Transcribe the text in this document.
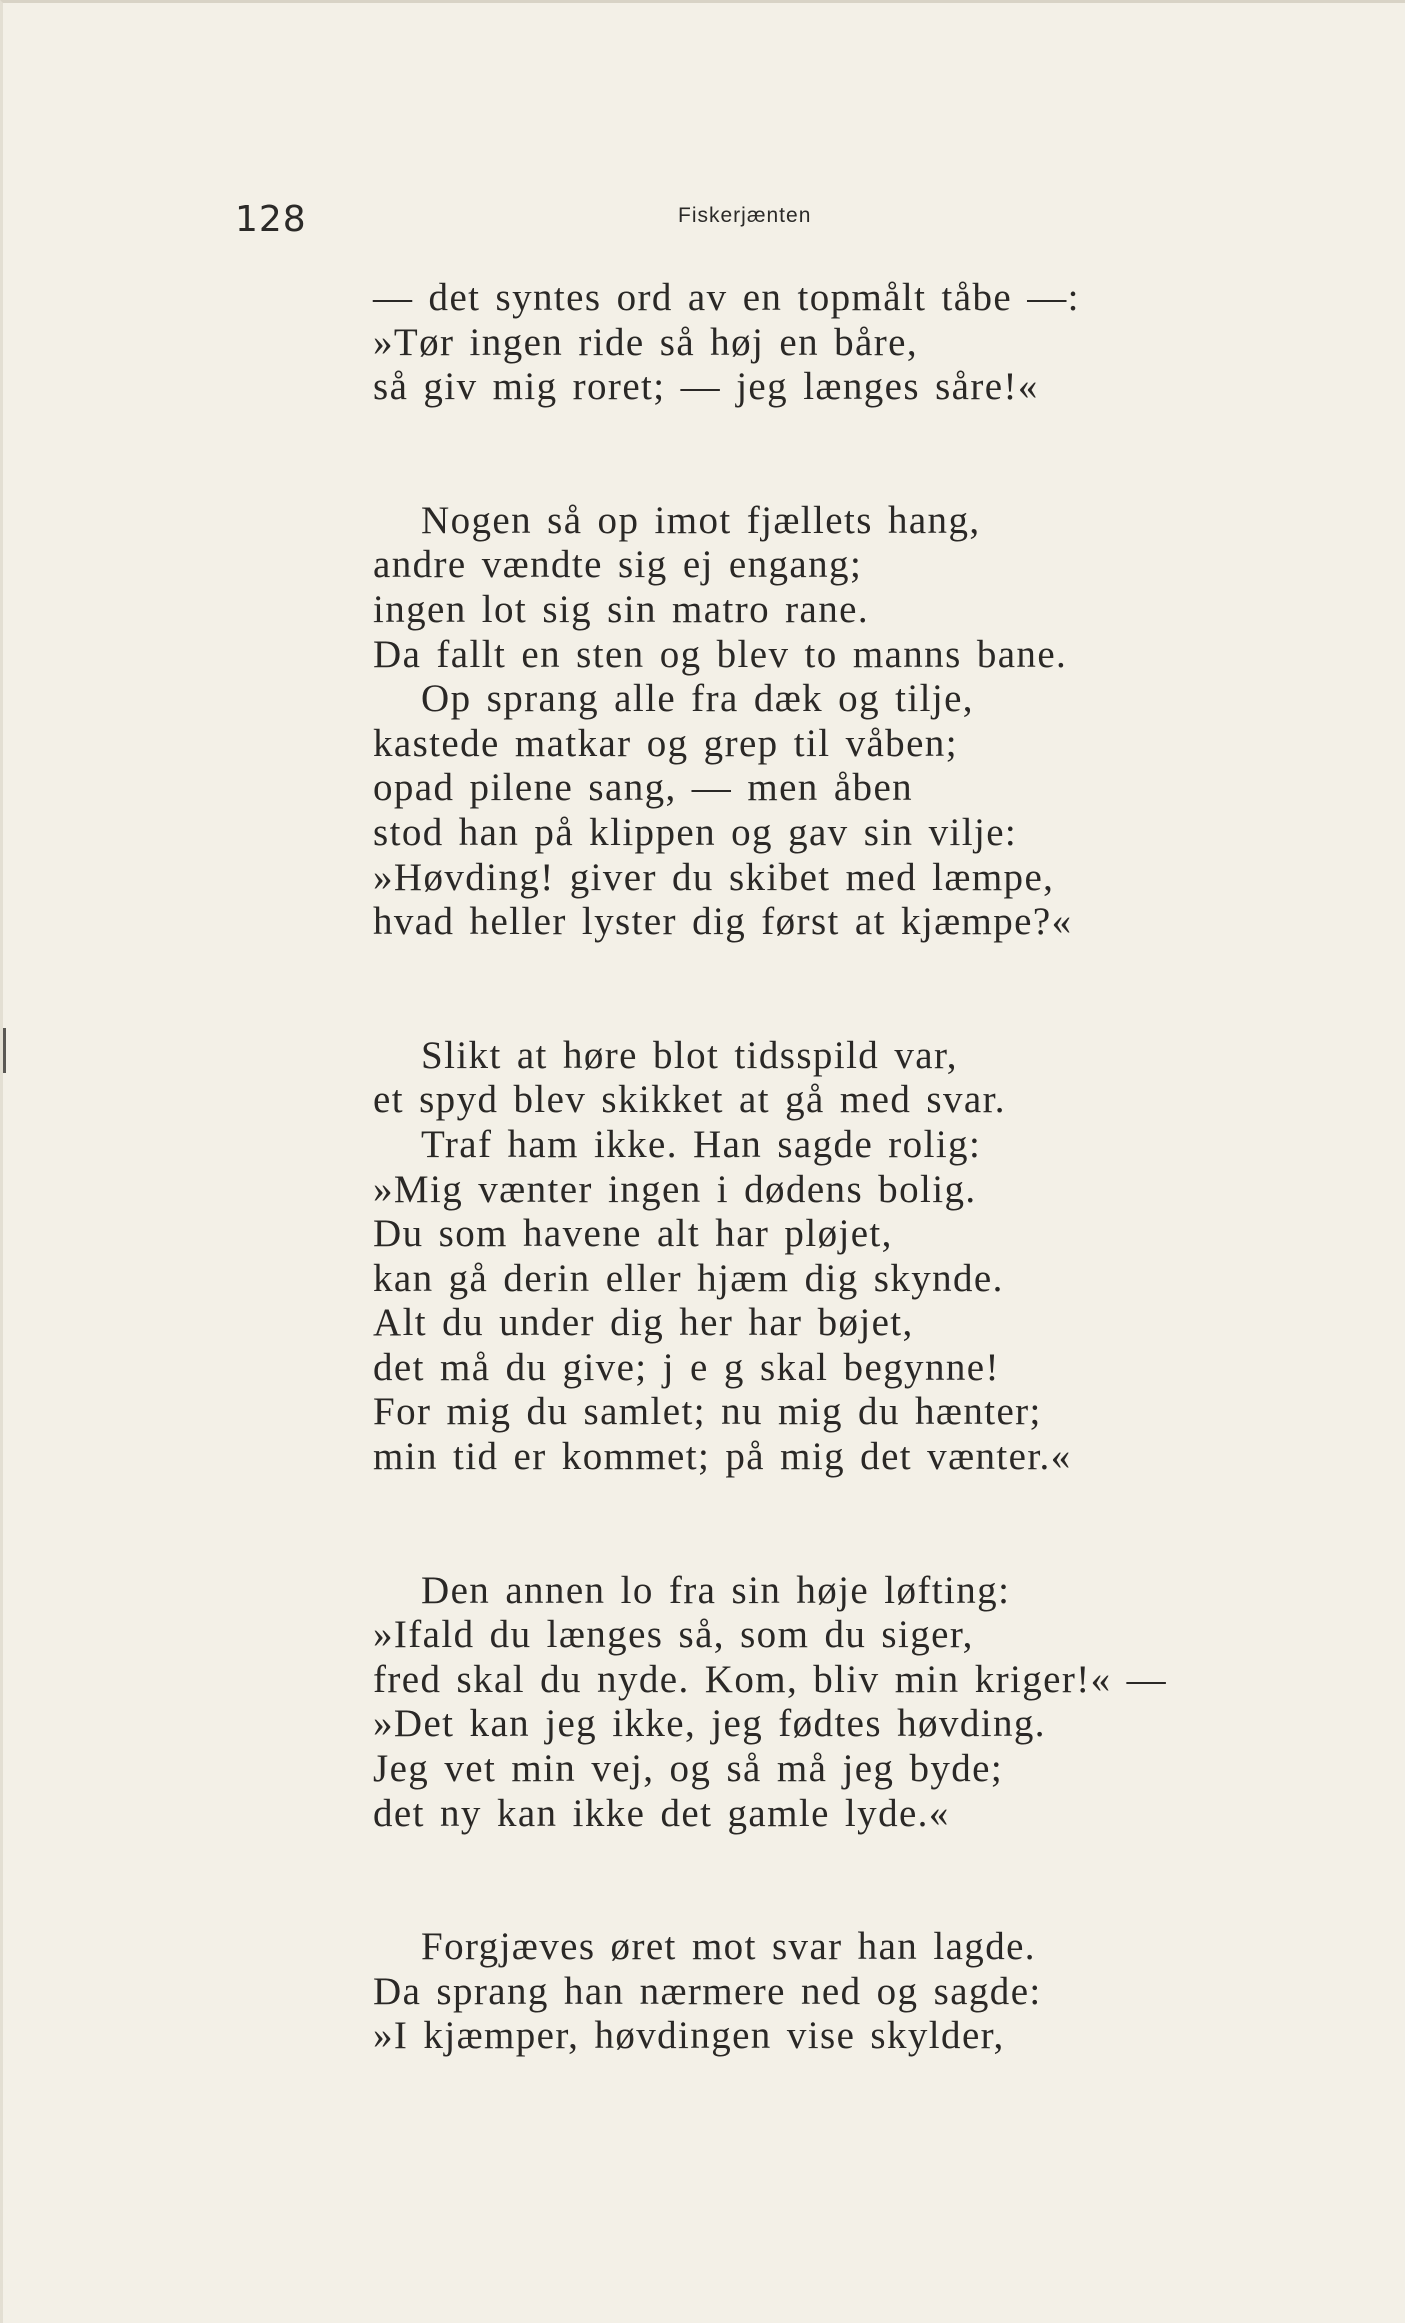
128	Fiskerjænten
— det syntes ord av en topmålt tåbe —:
»Tør ingen ride så høj en båre,
så giv mig roret; — jeg længes såre!«
Nogen så op imot fjællets hang,
andre vændte sig ej engang;
ingen lot sig sin matro rane.
Da fallt en sten og blev to manns bane.
Op sprang alle fra dæk og tilje,
kastede matkar og grep til våben;
opad pilene sang, — men åben
stod han på klippen og gav sin vilje:
»Høvding! giver du skibet med læmpe,
hvad heller lyster dig først at kjæmpe?«
Slikt at høre blot tidsspild var,
et spyd blev skikket at gå med svar.
Traf ham ikke. Han sagde rolig:
»Mig vænter ingen i dødens bolig.
Du som havene alt har pløjet,
kan gå derin eller hjæm dig skynde.
Alt du under dig her har bøjet,
det må du give; j e g skal begynne!
For mig du samlet; nu mig du hænter;
min tid er kommet; på mig det vænter.«
Den annen lo fra sin høje løfting:
»Ifald du længes så, som du siger,
fred skal du nyde. Kom, bliv min kriger!« —
»Det kan jeg ikke, jeg fødtes høvding.
Jeg vet min vej, og så må jeg byde;
det ny kan ikke det gamle lyde.«
Forgjæves øret mot svar han lagde.
Da sprang han nærmere ned og sagde:
»I kjæmper, høvdingen vise skylder,
